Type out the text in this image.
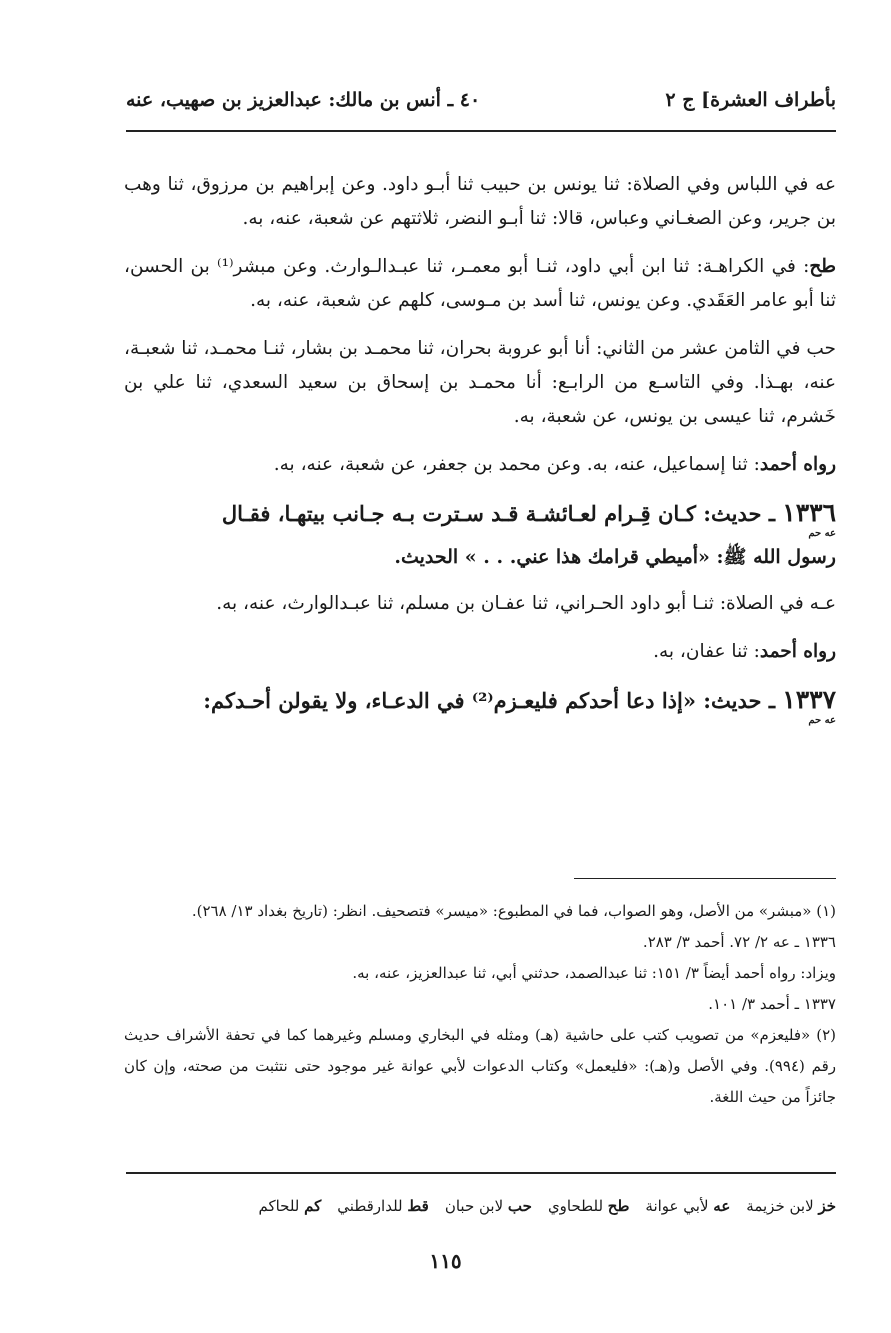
بأطراف العشرة] ج ٢
٤٠ ـ أنس بن مالك: عبدالعزيز بن صهيب، عنه

عه في اللباس وفي الصلاة: ثنا يونس بن حبيب ثنا أبـو داود. وعن إبراهيم بن مرزوق، ثنا وهب بن جرير، وعن الصغـاني وعباس، قالا: ثنا أبـو النضر، ثلاثتهم عن شعبة، عنه، به.

طح: في الكراهـة: ثنا ابن أبي داود، ثنـا أبو معمـر، ثنا عبـدالـوارث. وعن مبشر⁽¹⁾ بن الحسن، ثنا أبو عامر العَقَدي. وعن يونس، ثنا أسد بن مـوسى، كلهم عن شعبة، عنه، به.

حب في الثامن عشر من الثاني: أنا أبو عروبة بحران، ثنا محمـد بن بشار، ثنـا محمـد، ثنا شعبـة، عنه، بهـذا. وفي التاسـع من الرابـع: أنا محمـد بن إسحاق بن سعيد السعدي، ثنا علي بن خَشرم، ثنا عيسى بن يونس، عن شعبة، به.

رواه أحمد: ثنا إسماعيل، عنه، به. وعن محمد بن جعفر، عن شعبة، عنه، به.

١٣٣٦ ـ حديث: كـان قِـرام لعـائشـة قـد سـترت بـه جـانب بيتهـا، فقـال
عه حم

رسول الله ﷺ: «أميطي قرامك هذا عني. . . » الحديث.

عـه في الصلاة: ثنـا أبو داود الحـراني، ثنا عفـان بن مسلم، ثنا عبـدالوارث، عنه، به.

رواه أحمد: ثنا عفان، به.

١٣٣٧ ـ حديث: «إذا دعا أحدكم فليعـزم⁽²⁾ في الدعـاء، ولا يقولن أحـدكم:
عه حم

(١) «مبشر» من الأصل، وهو الصواب، فما في المطبوع: «ميسر» فتصحيف. انظر: (تاريخ بغداد ١٣/ ٢٦٨).

١٣٣٦ ـ عه ٢/ ٧٢. أحمد ٣/ ٢٨٣.

ويزاد: رواه أحمد أيضاً ٣/ ١٥١: ثنا عبدالصمد، حدثني أبي، ثنا عبدالعزيز، عنه، به.

١٣٣٧ ـ أحمد ٣/ ١٠١.

(٢) «فليعزم» من تصويب كتب على حاشية (هـ) ومثله في البخاري ومسلم وغيرهما كما في تحفة الأشراف حديث رقم (٩٩٤). وفي الأصل و(هـ): «فليعمل» وكتاب الدعوات لأبي عوانة غير موجود حتى نتثبت من صحته، وإن كان جائزاً من حيث اللغة.

خز لابن خزيمة
عه لأبي عوانة
طح للطحاوي
حب لابن حبان
قط للدارقطني
كم للحاكم
١١٥
